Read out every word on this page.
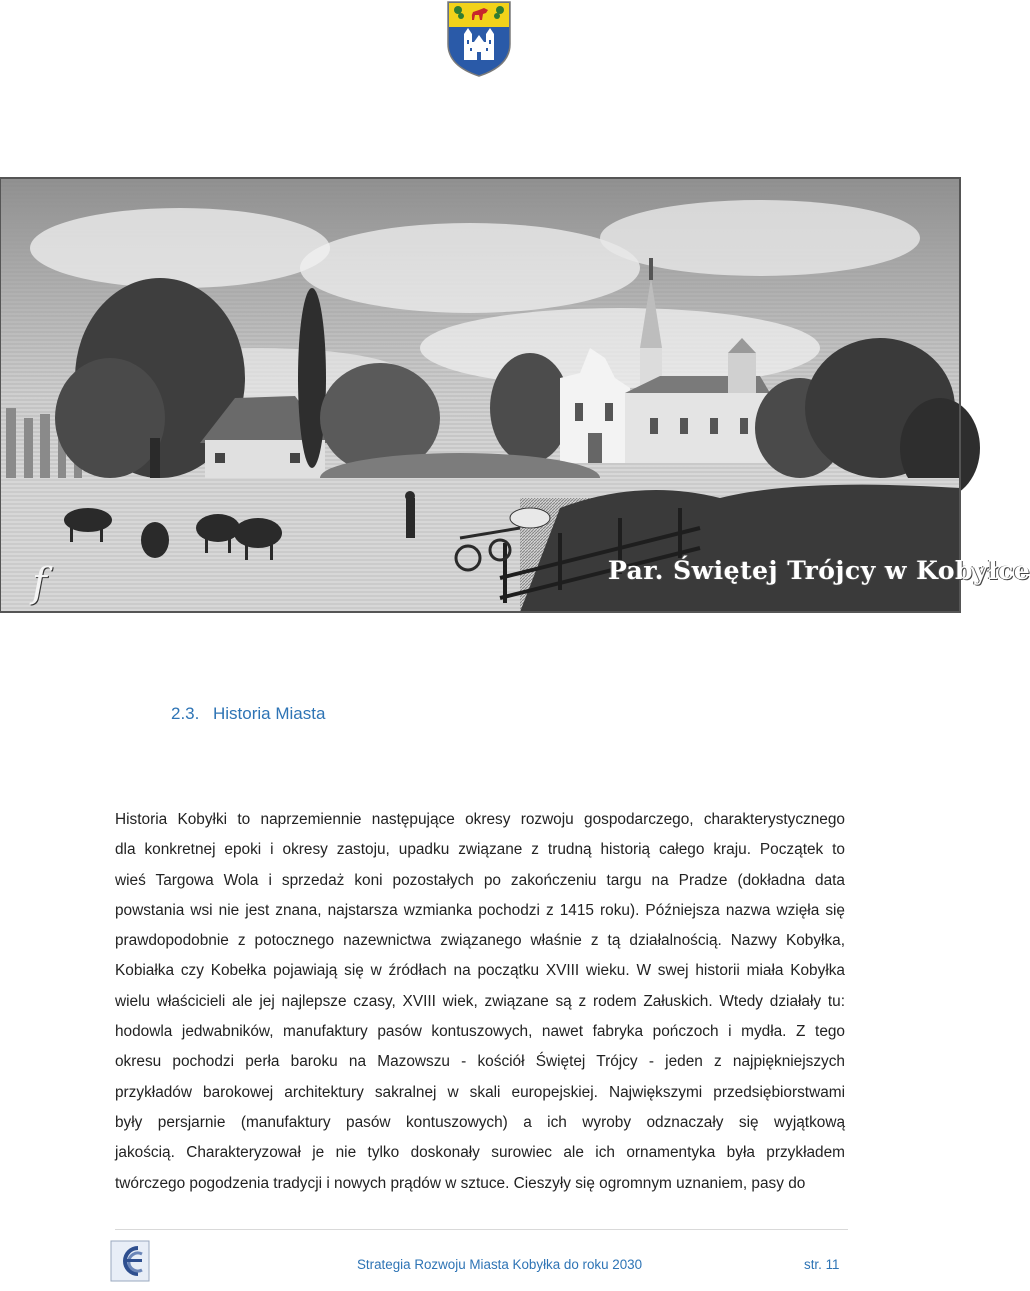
f	Par. Świętej Trójcy w Kobyłce
2.3. Historia Miasta
Historia Kobyłki to naprzemiennie następujące okresy rozwoju gospodarczego, charakterystycznego
dla konkretnej epoki i okresy zastoju, upadku związane z trudną historią całego kraju. Początek to
wieś Targowa Wola i sprzedaż koni pozostałych po zakończeniu targu na Pradze (dokładna data
powstania wsi nie jest znana, najstarsza wzmianka pochodzi z 1415 roku). Późniejsza nazwa wzięła się
prawdopodobnie z potocznego nazewnictwa związanego właśnie z tą działalnością. Nazwy Kobyłka,
Kobiałka czy Kobełka pojawiają się w źródłach na początku XVIII wieku. W swej historii miała Kobyłka
wielu właścicieli ale jej najlepsze czasy, XVIII wiek, związane są z rodem Załuskich. Wtedy działały tu:
hodowla jedwabników, manufaktury pasów kontuszowych, nawet fabryka pończoch i mydła. Z tego
okresu pochodzi perła baroku na Mazowszu - kościół Świętej Trójcy - jeden z najpiękniejszych
przykładów barokowej architektury sakralnej w skali europejskiej. Największymi przedsiębiorstwami
były persjarnie (manufaktury pasów kontuszowych) a ich wyroby odznaczały się wyjątkową
jakością. Charakteryzował je nie tylko doskonały surowiec ale ich ornamentyka była przykładem
twórczego pogodzenia tradycji i nowych prądów w sztuce. Cieszyły się ogromnym uznaniem, pasy do
Strategia Rozwoju Miasta Kobyłka do roku 2030	str. 11
